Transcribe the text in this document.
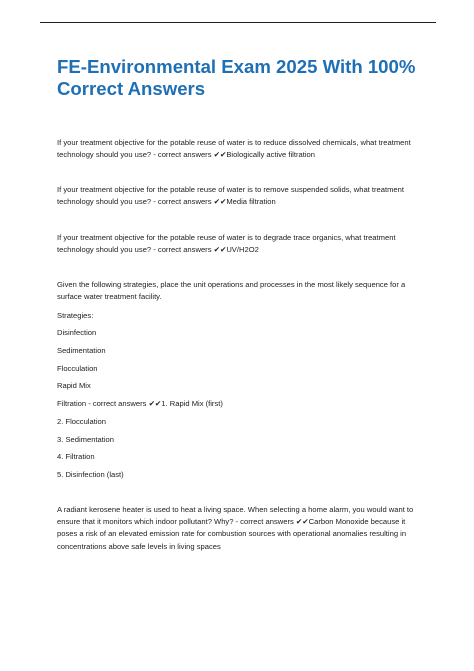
FE-Environmental Exam 2025 With 100% Correct Answers

If your treatment objective for the potable reuse of water is to reduce dissolved chemicals, what treatment technology should you use? - correct answers ✔✔Biologically active filtration

If your treatment objective for the potable reuse of water is to remove suspended solids, what treatment technology should you use? - correct answers ✔✔Media filtration

If your treatment objective for the potable reuse of water is to degrade trace organics, what treatment technology should you use? - correct answers ✔✔UV/H2O2

Given the following strategies, place the unit operations and processes in the most likely sequence for a surface water treatment facility.

Strategies:

Disinfection

Sedimentation

Flocculation

Rapid Mix

Filtration - correct answers ✔✔1. Rapid Mix (first)

2. Flocculation

3. Sedimentation

4. Filtration

5. Disinfection (last)

A radiant kerosene heater is used to heat a living space. When selecting a home alarm, you would want to ensure that it monitors which indoor pollutant? Why? - correct answers ✔✔Carbon Monoxide because it poses a risk of an elevated emission rate for combustion sources with operational anomalies resulting in concentrations above safe levels in living spaces
